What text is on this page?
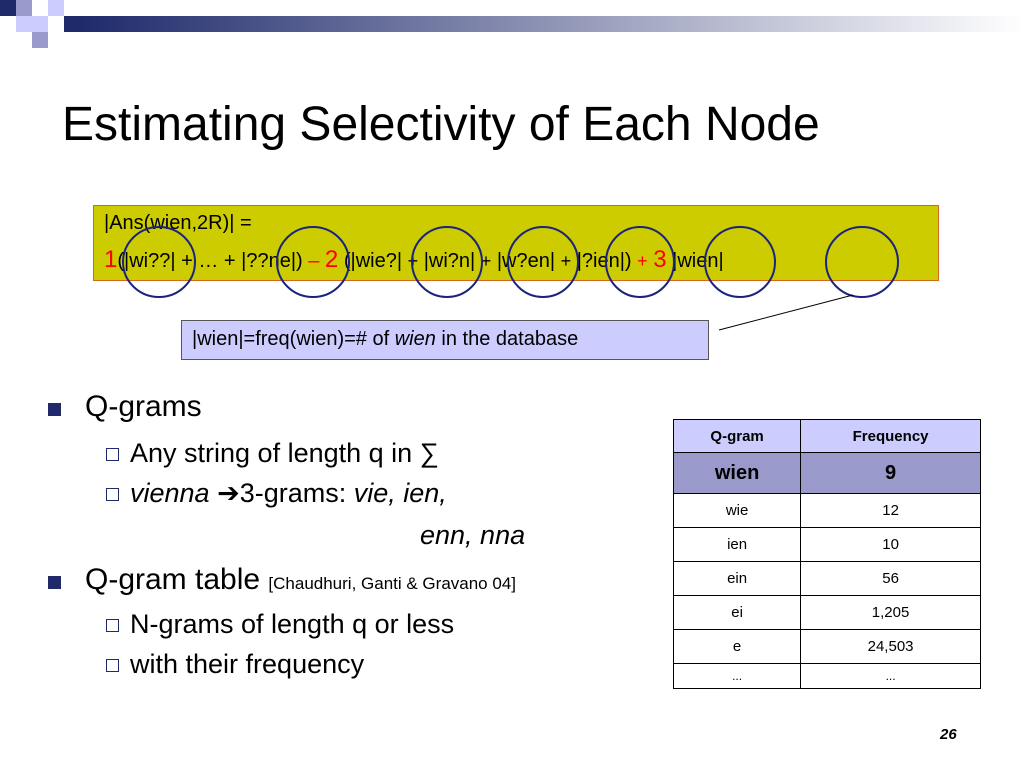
Estimating Selectivity of Each Node
|Ans(wien,2R)| =
1(|wi??| + … + |??ne|) – 2 (|wie?| + |wi?n| + |w?en| + |?ien|) + 3 |wien|
|wien|=freq(wien)=# of wien in the database
Q-grams
Any string of length q in ∑
vienna ➔3-grams: vie, ien,
enn, nna
Q-gram table [Chaudhuri, Ganti & Gravano 04]
N-grams of length q or less
with their frequency
Q-gram	Frequency
wien	9
wie	12
ien	10
ein	56
ei	1,205
e	24,503
...	...
26
